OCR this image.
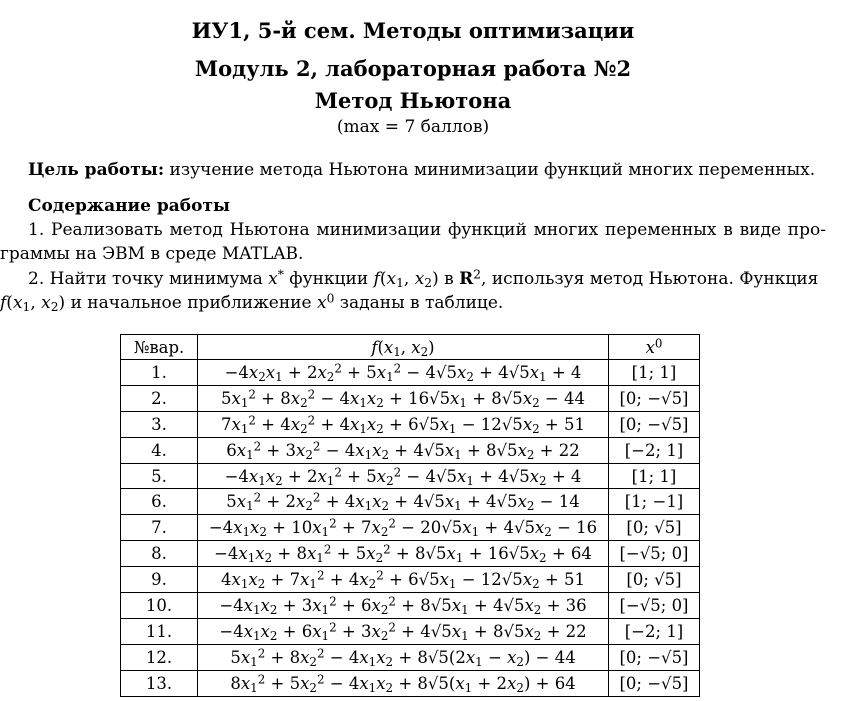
ИУ1, 5-й сем. Методы оптимизации
Модуль 2, лабораторная работа №2
Метод Ньютона
(max = 7 баллов)
Цель работы: изучение метода Ньютона минимизации функций многих переменных.
Содержание работы
1. Реализовать метод Ньютона минимизации функций многих переменных в виде про-
граммы на ЭВМ в среде MATLAB.
2. Найти точку минимума x* функции $f(x_1$, $x_2$) в $R^2$, используя метод Ньютона. Функция
$f(x_1$, $x_2$) и начальное приближение $x^0$ заданы в таблице.
№вар.	$f(x_1$, $x_2$)	$x^0$
1.	$-4x_2x_1 + 2x_2^2 + 5x_1^2 - 4√5x_2 + 4√5x_1 + 4$	[1; 1]
2.	$5x_1^2 + 8x_2^2 - 4x_1x_2 + 16√5x_1 + 8√5x_2 - 44$	[0; −√5]
3.	$7x_1^2 + 4x_2^2 + 4x_1x_2 + 6√5x_1 - 12√5x_2 + 51$	[0; −√5]
4.	$6x_1^2 + 3x_2^2 - 4x_1x_2 + 4√5x_1 + 8√5x_2 + 22$	[−2; 1]
5.	$-4x_1x_2 + 2x_1^2 + 5x_2^2 - 4√5x_1 + 4√5x_2 + 4$	[1; 1]
6.	$5x_1^2 + 2x_2^2 + 4x_1x_2 + 4√5x_1 + 4√5x_2 - 14$	[1; −1]
7.	$-4x_1x_2 + 10x_1^2 + 7x_2^2 - 20√5x_1 + 4√5x_2 - 16$	[0; √5]
8.	$-4x_1x_2 + 8x_1^2 + 5x_2^2 + 8√5x_1 + 16√5x_2 + 64$	[−√5; 0]
9.	$4x_1x_2 + 7x_1^2 + 4x_2^2 + 6√5x_1 - 12√5x_2 + 51$	[0; √5]
10.	$-4x_1x_2 + 3x_1^2 + 6x_2^2 + 8√5x_1 + 4√5x_2 + 36$	[−√5; 0]
11.	$-4x_1x_2 + 6x_1^2 + 3x_2^2 + 4√5x_1 + 8√5x_2 + 22$	[−2; 1]
12.	$5x_1^2 + 8x_2^2 - 4x_1x_2 + 8√5(2x_1 - x_2) - 44$	[0; −√5]
13.	$8x_1^2 + 5x_2^2 - 4x_1x_2 + 8√5(x_1 + 2x_2) + 64$	[0; −√5]
